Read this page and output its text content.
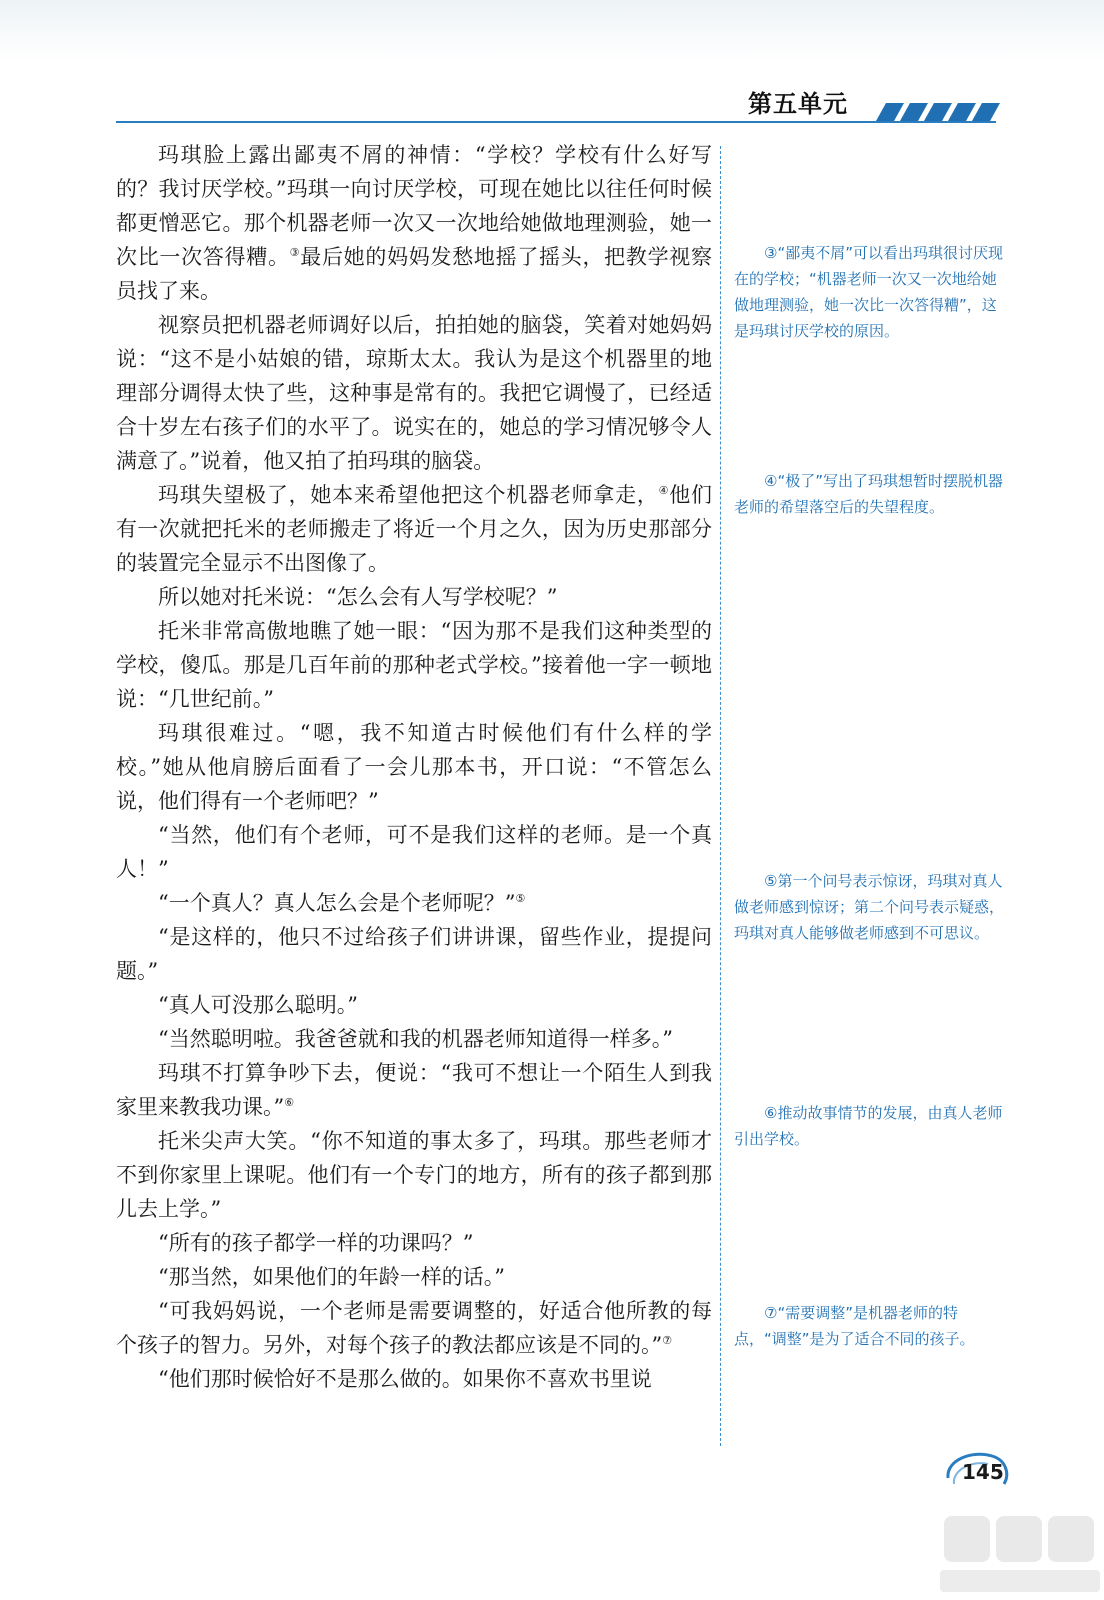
第五单元

玛琪脸上露出鄙夷不屑的神情：“学校？学校有什么好写的？我讨厌学校。”玛琪一向讨厌学校，可现在她比以往任何时候都更憎恶它。那个机器老师一次又一次地给她做地理测验，她一次比一次答得糟。③最后她的妈妈发愁地摇了摇头，把教学视察员找了来。

视察员把机器老师调好以后，拍拍她的脑袋，笑着对她妈妈说：“这不是小姑娘的错，琼斯太太。我认为是这个机器里的地理部分调得太快了些，这种事是常有的。我把它调慢了，已经适合十岁左右孩子们的水平了。说实在的，她总的学习情况够令人满意了。”说着，他又拍了拍玛琪的脑袋。

玛琪失望极了，她本来希望他把这个机器老师拿走，④他们有一次就把托米的老师搬走了将近一个月之久，因为历史那部分的装置完全显示不出图像了。

所以她对托米说：“怎么会有人写学校呢？”

托米非常高傲地瞧了她一眼：“因为那不是我们这种类型的学校，傻瓜。那是几百年前的那种老式学校。”接着他一字一顿地说：“几世纪前。”

玛琪很难过。“嗯，我不知道古时候他们有什么样的学校。”她从他肩膀后面看了一会儿那本书，开口说：“不管怎么说，他们得有一个老师吧？”

“当然，他们有个老师，可不是我们这样的老师。是一个真人！”

“一个真人？真人怎么会是个老师呢？”⑤

“是这样的，他只不过给孩子们讲讲课，留些作业，提提问题。”

“真人可没那么聪明。”

“当然聪明啦。我爸爸就和我的机器老师知道得一样多。”

玛琪不打算争吵下去，便说：“我可不想让一个陌生人到我家里来教我功课。”⑥

托米尖声大笑。“你不知道的事太多了，玛琪。那些老师才不到你家里上课呢。他们有一个专门的地方，所有的孩子都到那儿去上学。”

“所有的孩子都学一样的功课吗？”

“那当然，如果他们的年龄一样的话。”

“可我妈妈说，一个老师是需要调整的，好适合他所教的每个孩子的智力。另外，对每个孩子的教法都应该是不同的。”⑦

“他们那时候恰好不是那么做的。如果你不喜欢书里说

③“鄙夷不屑”可以看出玛琪很讨厌现在的学校；“机器老师一次又一次地给她做地理测验，她一次比一次答得糟”，这是玛琪讨厌学校的原因。
④“极了”写出了玛琪想暂时摆脱机器老师的希望落空后的失望程度。
⑤第一个问号表示惊讶，玛琪对真人做老师感到惊讶；第二个问号表示疑惑，玛琪对真人能够做老师感到不可思议。
⑥推动故事情节的发展，由真人老师引出学校。
⑦“需要调整”是机器老师的特点，“调整”是为了适合不同的孩子。
145
